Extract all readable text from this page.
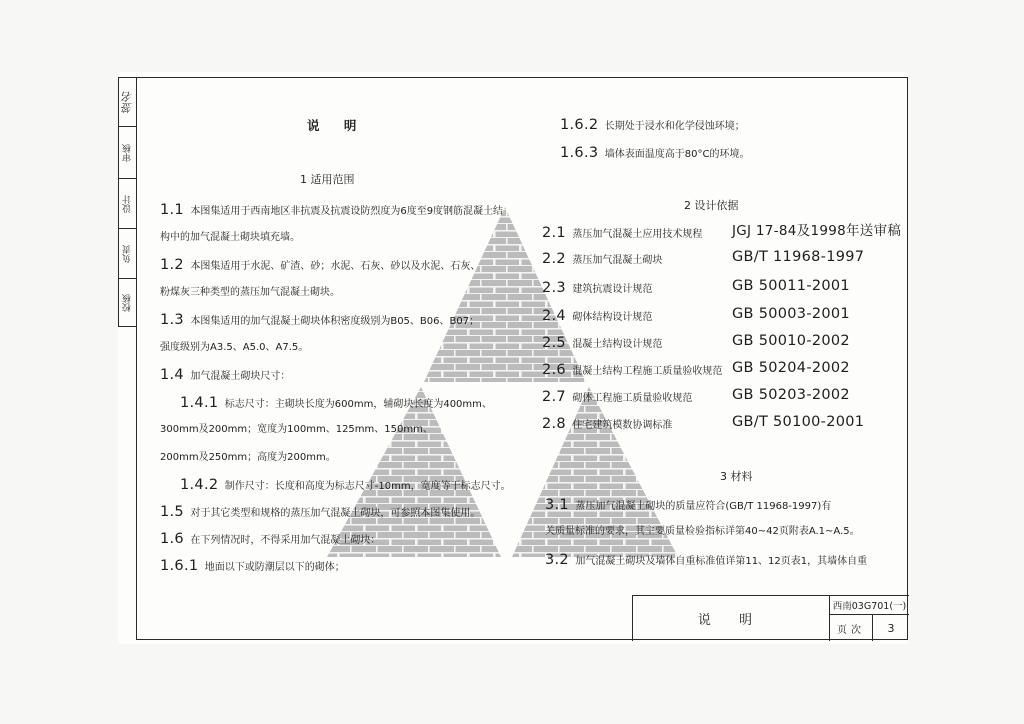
签名
审核
设计
负责
校核
说 明
1 适用范围
1.1 本图集适用于西南地区非抗震及抗震设防烈度为6度至9度钢筋混凝土结
构中的加气混凝土砌块填充墙。
1.2 本图集适用于水泥、矿渣、砂；水泥、石灰、砂以及水泥、石灰、
粉煤灰三种类型的蒸压加气混凝土砌块。
1.3 本图集适用的加气混凝土砌块体积密度级别为B05、B06、B07；
强度级别为A3.5、A5.0、A7.5。
1.4 加气混凝土砌块尺寸：
1.4.1 标志尺寸：主砌块长度为600mm，辅砌块长度为400mm、
300mm及200mm；宽度为100mm、125mm、150mm、
200mm及250mm；高度为200mm。
1.4.2 制作尺寸：长度和高度为标志尺寸-10mm，宽度等于标志尺寸。
1.5 对于其它类型和规格的蒸压加气混凝土砌块，可参照本图集使用。
1.6 在下列情况时，不得采用加气混凝土砌块：
1.6.1 地面以下或防潮层以下的砌体；
1.6.2 长期处于浸水和化学侵蚀环境；
1.6.3 墙体表面温度高于80°C的环境。
2 设计依据
2.1 蒸压加气混凝土应用技术规程 JGJ 17-84及1998年送审稿
2.2 蒸压加气混凝土砌块	GB/T 11968-1997
2.3 建筑抗震设计规范	GB 50011-2001
2.4 砌体结构设计规范	GB 50003-2001
2.5 混凝土结构设计规范	GB 50010-2002
2.6 混凝土结构工程施工质量验收规范 GB 50204-2002
2.7 砌体工程施工质量验收规范	GB 50203-2002
2.8 住宅建筑模数协调标准	GB/T 50100-2001
3 材料
3.1 蒸压加气混凝土砌块的质量应符合(GB/T 11968-1997)有
关质量标准的要求，其主要质量检验指标详第40~42页附表A.1~A.5。
3.2 加气混凝土砌块及墙体自重标准值详第11、12页表1，其墙体自重
说 明
西南03G701(一)
页次	3
